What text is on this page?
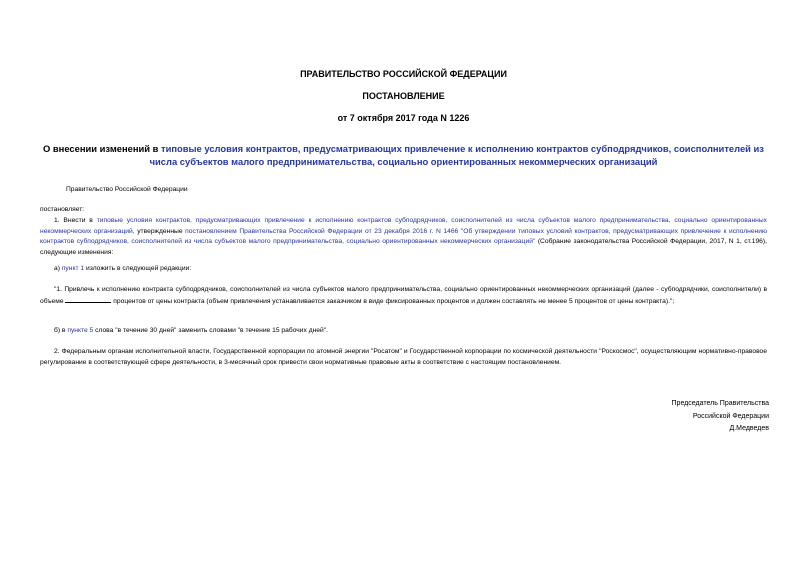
ПРАВИТЕЛЬСТВО РОССИЙСКОЙ ФЕДЕРАЦИИ
ПОСТАНОВЛЕНИЕ
от 7 октября 2017 года N 1226
О внесении изменений в типовые условия контрактов, предусматривающих привлечение к исполнению контрактов субподрядчиков, соисполнителей из числа субъектов малого предпринимательства, социально ориентированных некоммерческих организаций
Правительство Российской Федерации
постановляет:
1. Внести в типовые условия контрактов, предусматривающих привлечение к исполнению контрактов субподрядчиков, соисполнителей из числа субъектов малого предпринимательства, социально ориентированных некоммерческих организаций, утвержденные постановлением Правительства Российской Федерации от 23 декабря 2016 г. N 1466 "Об утверждении типовых условий контрактов, предусматривающих привлечение к исполнению контрактов субподрядчиков, соисполнителей из числа субъектов малого предпринимательства, социально ориентированных некоммерческих организаций" (Собрание законодательства Российской Федерации, 2017, N 1, ст.196), следующие изменения:
а) пункт 1 изложить в следующей редакции:
"1. Привлечь к исполнению контракта субподрядчиков, соисполнителей из числа субъектов малого предпринимательства, социально ориентированных некоммерческих организаций (далее - субподрядчики, соисполнители) в объеме	процентов от цены контракта (объем привлечения устанавливается заказчиком в виде фиксированных процентов и должен составлять не менее 5 процентов от цены контракта).";
б) в пункте 5 слова "в течение 30 дней" заменить словами "в течение 15 рабочих дней".
2. Федеральным органам исполнительной власти, Государственной корпорации по атомной энергии "Росатом" и Государственной корпорации по космической деятельности "Роскосмос", осуществляющим нормативно-правовое регулирование в соответствующей сфере деятельности, в 3-месячный срок привести свои нормативные правовые акты в соответствие с настоящим постановлением.
Председатель Правительства
Российской Федерации
Д.Медведев
